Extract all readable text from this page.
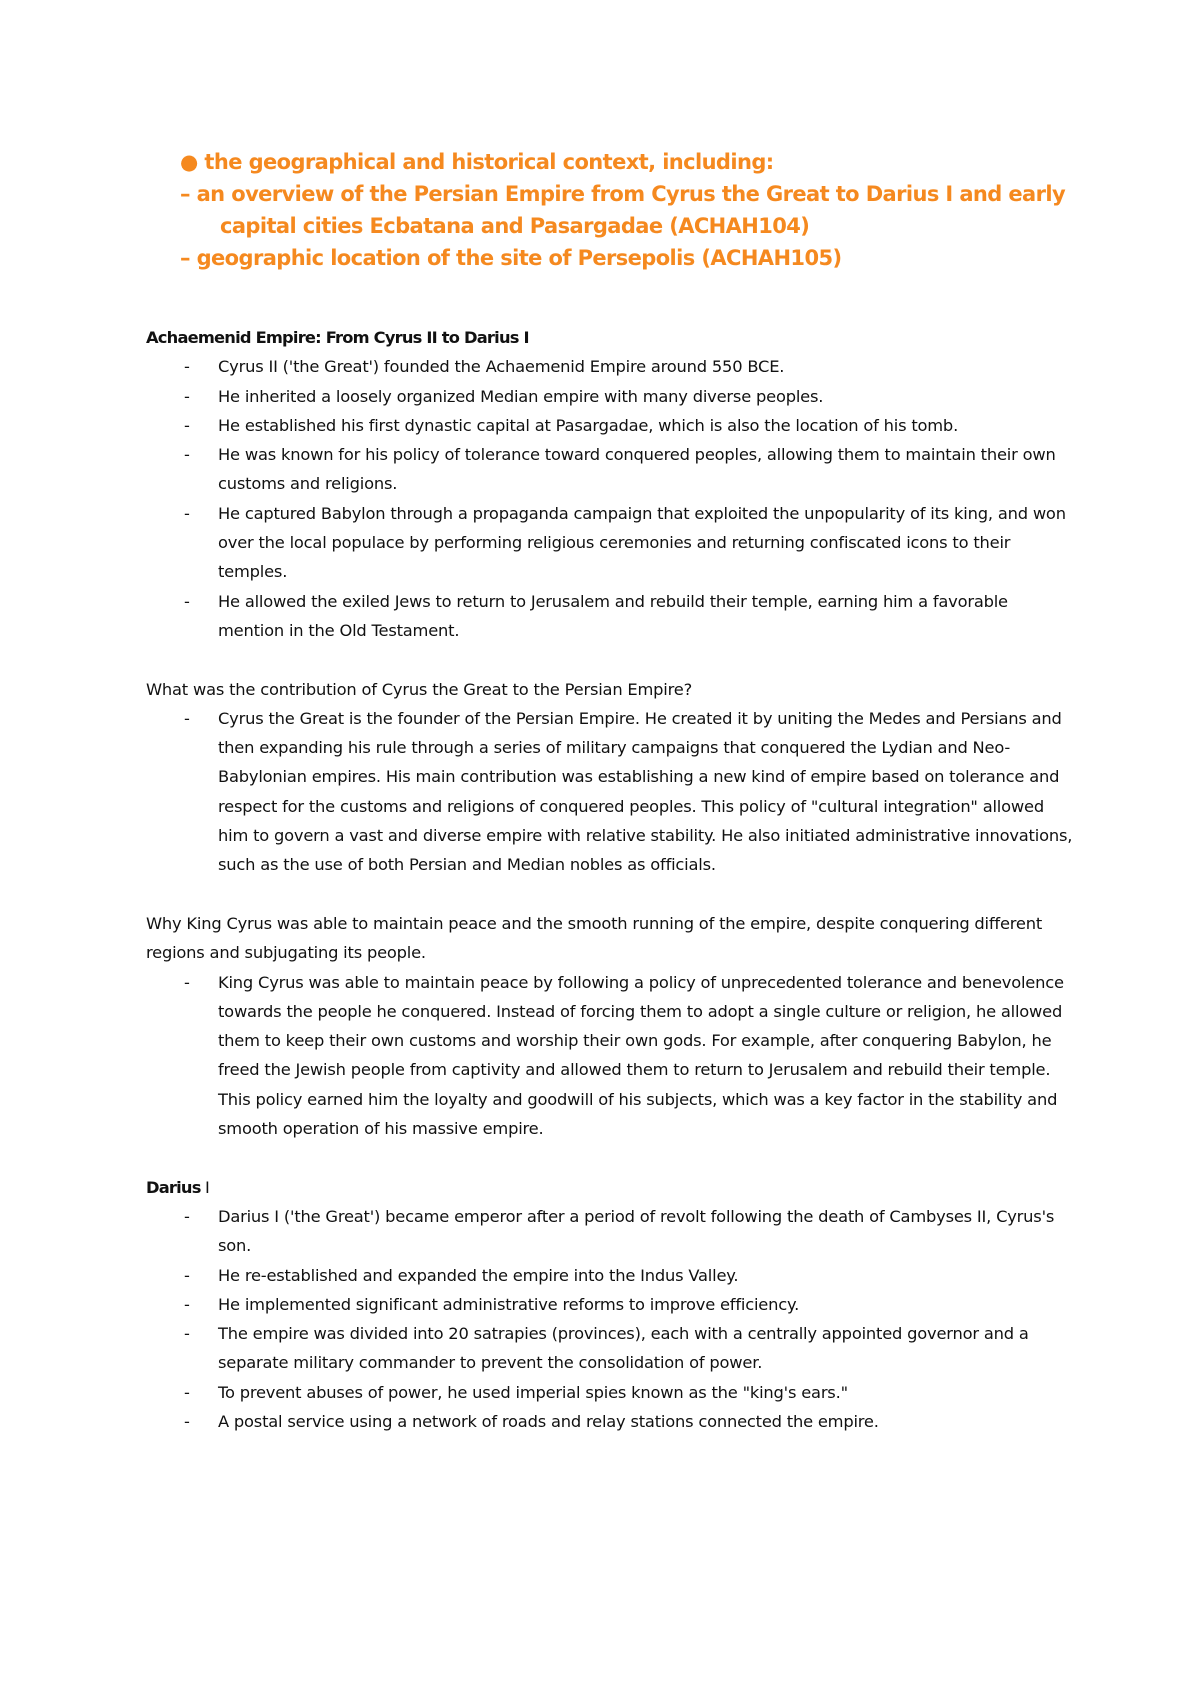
● the geographical and historical context, including:
– an overview of the Persian Empire from Cyrus the Great to Darius I and early
capital cities Ecbatana and Pasargadae (ACHAH104)
– geographic location of the site of Persepolis (ACHAH105)
Achaemenid Empire: From Cyrus II to Darius I
- Cyrus II ('the Great') founded the Achaemenid Empire around 550 BCE.
- He inherited a loosely organized Median empire with many diverse peoples.
- He established his first dynastic capital at Pasargadae, which is also the location of his tomb.
- He was known for his policy of tolerance toward conquered peoples, allowing them to maintain their own customs and religions.
- He captured Babylon through a propaganda campaign that exploited the unpopularity of its king, and won over the local populace by performing religious ceremonies and returning confiscated icons to their temples.
- He allowed the exiled Jews to return to Jerusalem and rebuild their temple, earning him a favorable mention in the Old Testament.
What was the contribution of Cyrus the Great to the Persian Empire?
- Cyrus the Great is the founder of the Persian Empire. He created it by uniting the Medes and Persians and then expanding his rule through a series of military campaigns that conquered the Lydian and Neo-Babylonian empires. His main contribution was establishing a new kind of empire based on tolerance and respect for the customs and religions of conquered peoples. This policy of "cultural integration" allowed him to govern a vast and diverse empire with relative stability. He also initiated administrative innovations, such as the use of both Persian and Median nobles as officials.
Why King Cyrus was able to maintain peace and the smooth running of the empire, despite conquering different regions and subjugating its people.
- King Cyrus was able to maintain peace by following a policy of unprecedented tolerance and benevolence towards the people he conquered. Instead of forcing them to adopt a single culture or religion, he allowed them to keep their own customs and worship their own gods. For example, after conquering Babylon, he freed the Jewish people from captivity and allowed them to return to Jerusalem and rebuild their temple. This policy earned him the loyalty and goodwill of his subjects, which was a key factor in the stability and smooth operation of his massive empire.
Darius I
- Darius I ('the Great') became emperor after a period of revolt following the death of Cambyses II, Cyrus's son.
- He re-established and expanded the empire into the Indus Valley.
- He implemented significant administrative reforms to improve efficiency.
- The empire was divided into 20 satrapies (provinces), each with a centrally appointed governor and a separate military commander to prevent the consolidation of power.
- To prevent abuses of power, he used imperial spies known as the "king's ears."
- A postal service using a network of roads and relay stations connected the empire.
